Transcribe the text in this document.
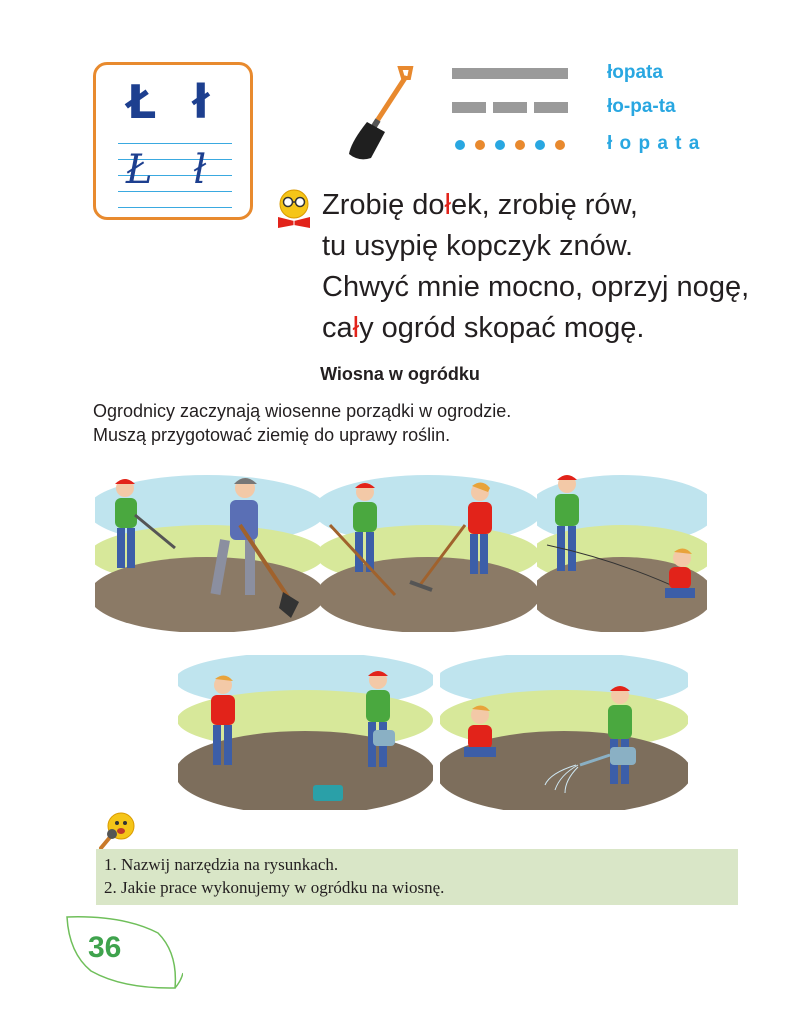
Ł ł
Ł ł
łopata
ło-pa-ta
ł o p a t a
Zrobię dołek, zrobię rów,
tu usypię kopczyk znów.
Chwyć mnie mocno, oprzyj nogę,
cały ogród skopać mogę.
Wiosna w ogródku
Ogrodnicy zaczynają wiosenne porządki w ogrodzie.
Muszą przygotować ziemię do uprawy roślin.
1. Nazwij narzędzia na rysunkach.
2. Jakie prace wykonujemy w ogródku na wiosnę.
36
